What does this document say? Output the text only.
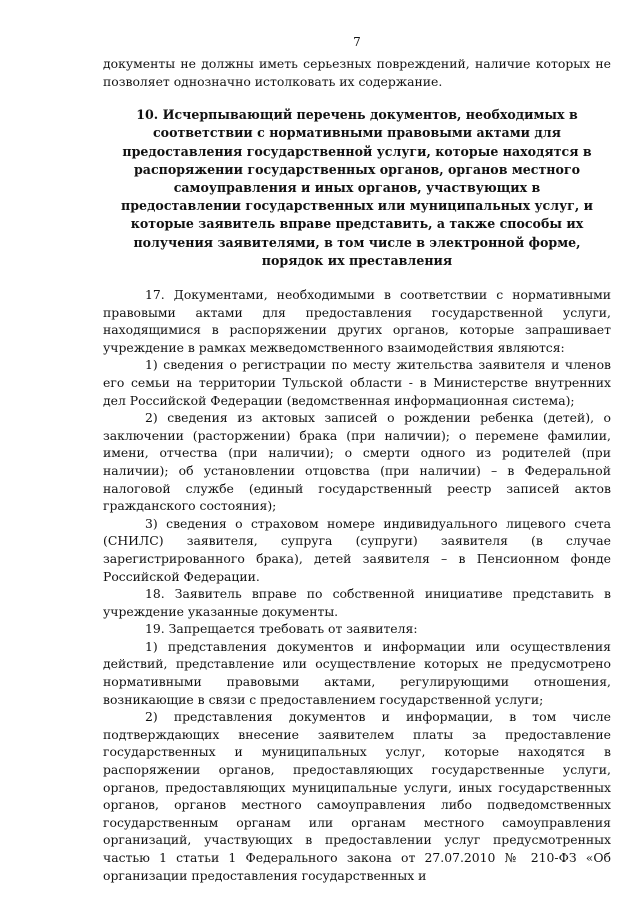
7

документы не должны иметь серьезных повреждений, наличие которых не позволяет однозначно истолковать их содержание.

10. Исчерпывающий перечень документов, необходимых в соответствии с нормативными правовыми актами для предоставления государственной услуги, которые находятся в распоряжении государственных органов, органов местного самоуправления и иных органов, участвующих в предоставлении государственных или муниципальных услуг, и которые заявитель вправе представить, а также способы их получения заявителями, в том числе в электронной форме, порядок их преставления

17. Документами, необходимыми в соответствии с нормативными правовыми актами для предоставления государственной услуги, находящимися в распоряжении других органов, которые запрашивает учреждение в рамках межведомственного взаимодействия являются:

1) сведения о регистрации по месту жительства заявителя и членов его семьи на территории Тульской области - в Министерстве внутренних дел Российской Федерации (ведомственная информационная система);

2) сведения из актовых записей о рождении ребенка (детей), о заключении (расторжении) брака (при наличии); о перемене фамилии, имени, отчества (при наличии); о смерти одного из родителей (при наличии); об установлении отцовства (при наличии) – в Федеральной налоговой службе (единый государственный реестр записей актов гражданского состояния);

3) сведения о страховом номере индивидуального лицевого счета (СНИЛС) заявителя, супруга (супруги) заявителя (в случае зарегистрированного брака), детей заявителя – в Пенсионном фонде Российской Федерации.

18. Заявитель вправе по собственной инициативе представить в учреждение указанные документы.

19. Запрещается требовать от заявителя:

1) представления документов и информации или осуществления действий, представление или осуществление которых не предусмотрено нормативными правовыми актами, регулирующими отношения, возникающие в связи с предоставлением государственной услуги;

2) представления документов и информации, в том числе подтверждающих внесение заявителем платы за предоставление государственных и муниципальных услуг, которые находятся в распоряжении органов, предоставляющих государственные услуги, органов, предоставляющих муниципальные услуги, иных государственных органов, органов местного самоуправления либо подведомственных государственным органам или органам местного самоуправления организаций, участвующих в предоставлении услуг предусмотренных частью 1 статьи 1 Федерального закона от 27.07.2010 № 210-ФЗ «Об организации предоставления государственных и
